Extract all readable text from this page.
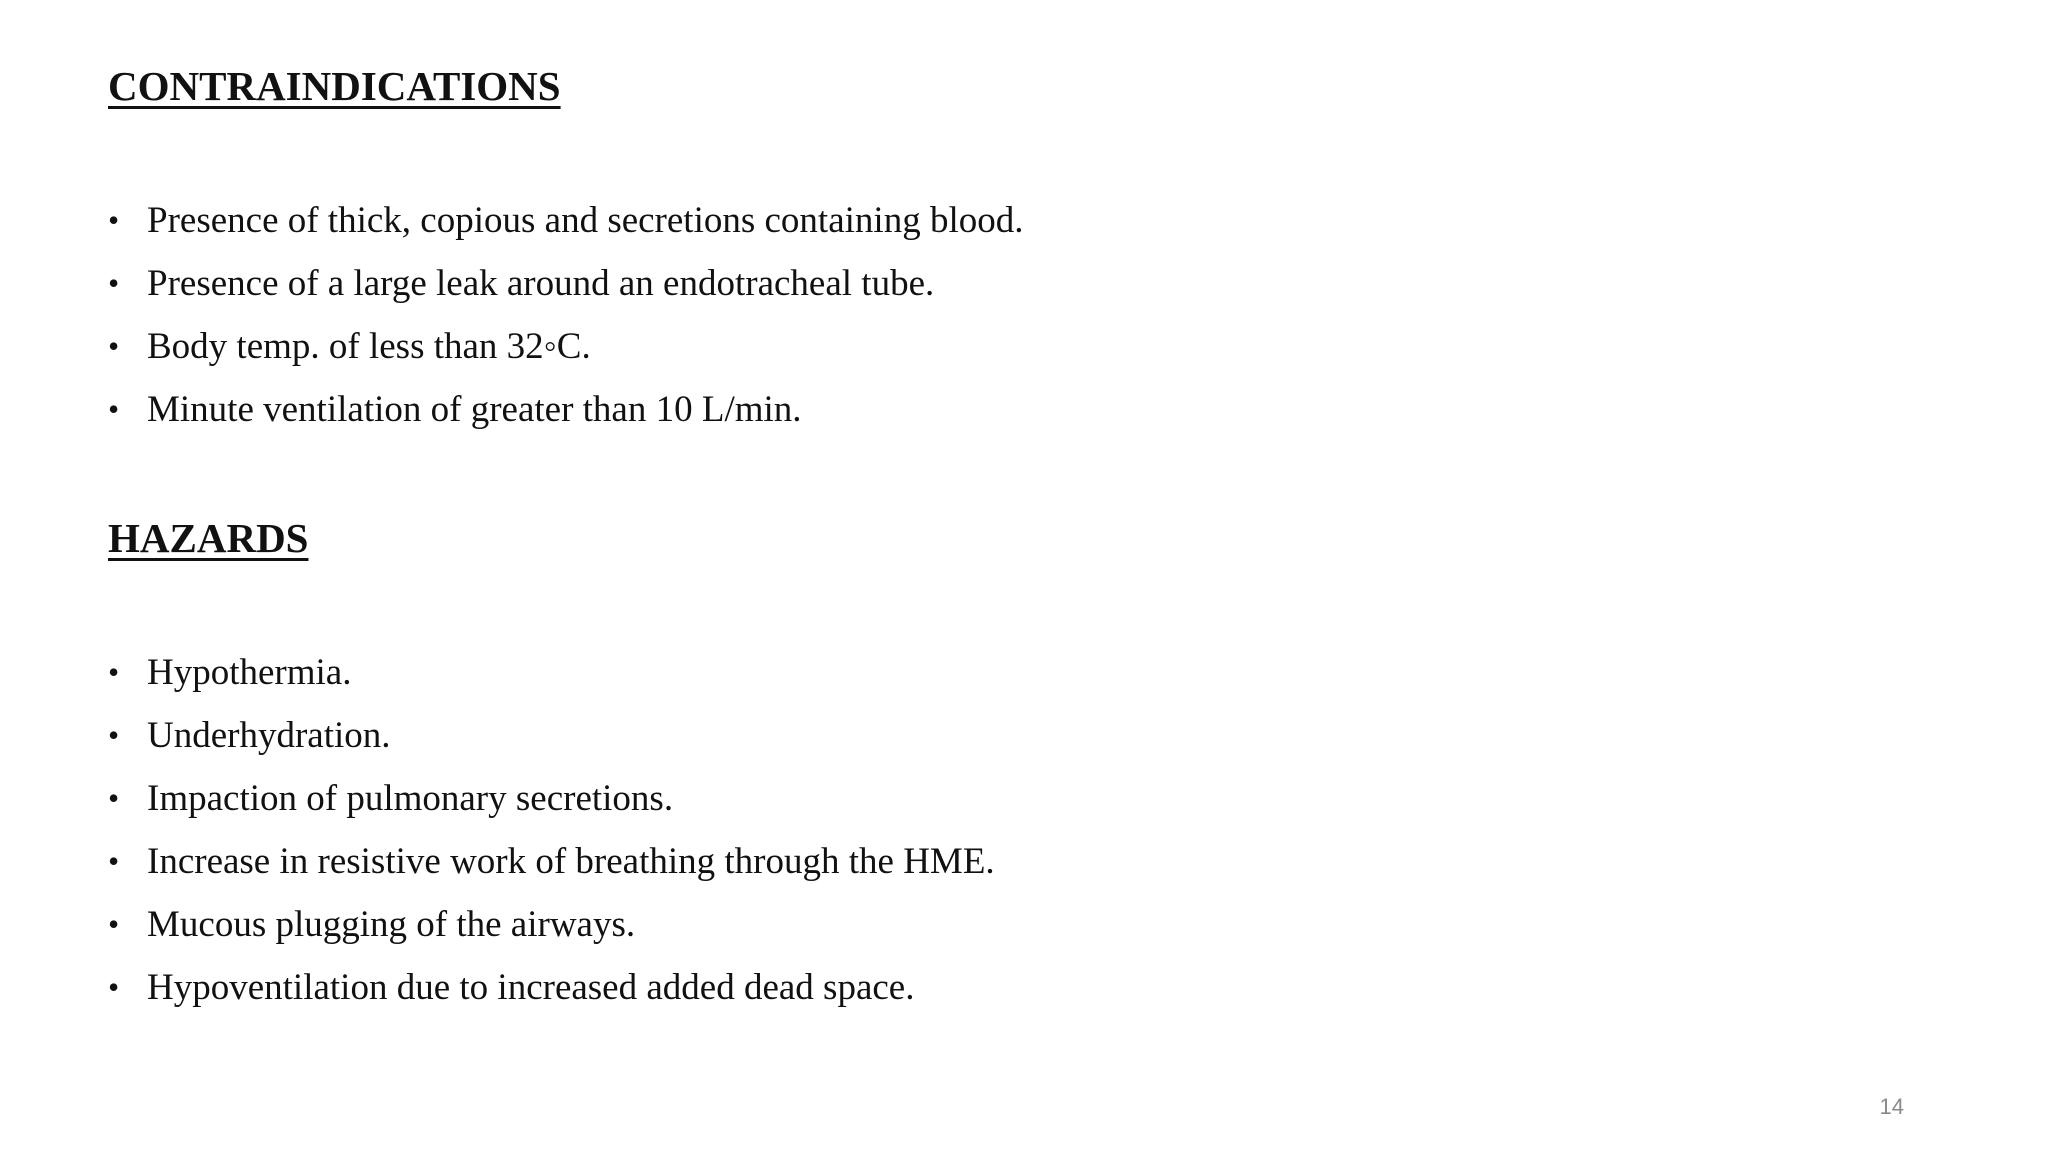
CONTRAINDICATIONS
• Presence of thick, copious and secretions containing blood.
• Presence of a large leak around an endotracheal tube.
• Body temp. of less than 32◦C.
• Minute ventilation of greater than 10 L/min.
HAZARDS
• Hypothermia.
• Underhydration.
• Impaction of pulmonary secretions.
• Increase in resistive work of breathing through the HME.
• Mucous plugging of the airways.
• Hypoventilation due to increased added dead space.
14
